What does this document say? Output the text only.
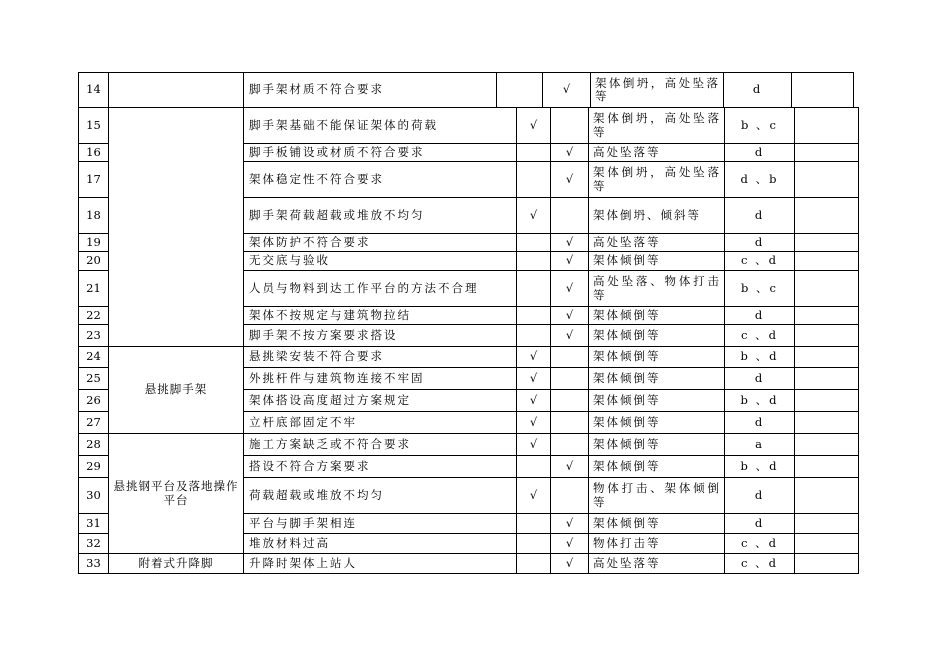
14		脚手架材质不符合要求		√	架体倒坍，高处坠落等	d	
15		脚手架基础不能保证架体的荷载	√		架体倒坍，高处坠落等	b 、c	
16		脚手板铺设或材质不符合要求		√	高处坠落等	d	
17		架体稳定性不符合要求		√	架体倒坍，高处坠落等	d 、b	
18		脚手架荷载超载或堆放不均匀	√		架体倒坍、倾斜等	d	
19		架体防护不符合要求		√	高处坠落等	d	
20		无交底与验收		√	架体倾倒等	c 、d	
21		人员与物料到达工作平台的方法不合理		√	高处坠落、物体打击等	b 、c	
22		架体不按规定与建筑物拉结		√	架体倾倒等	d	
23		脚手架不按方案要求搭设		√	架体倾倒等	c 、d	
24	悬挑脚手架	悬挑梁安装不符合要求	√		架体倾倒等	b 、d	
25		外挑杆件与建筑物连接不牢固	√		架体倾倒等	d	
26		架体搭设高度超过方案规定	√		架体倾倒等	b 、d	
27		立杆底部固定不牢	√		架体倾倒等	d	
28	悬挑钢平台及落地操作平台	施工方案缺乏或不符合要求	√		架体倾倒等	a	
29		搭设不符合方案要求		√	架体倾倒等	b 、d	
30		荷载超载或堆放不均匀	√		物体打击、架体倾倒等	d	
31		平台与脚手架相连		√	架体倾倒等	d	
32		堆放材料过高		√	物体打击等	c 、d	
33	附着式升降脚	升降时架体上站人		√	高处坠落等	c 、d	
